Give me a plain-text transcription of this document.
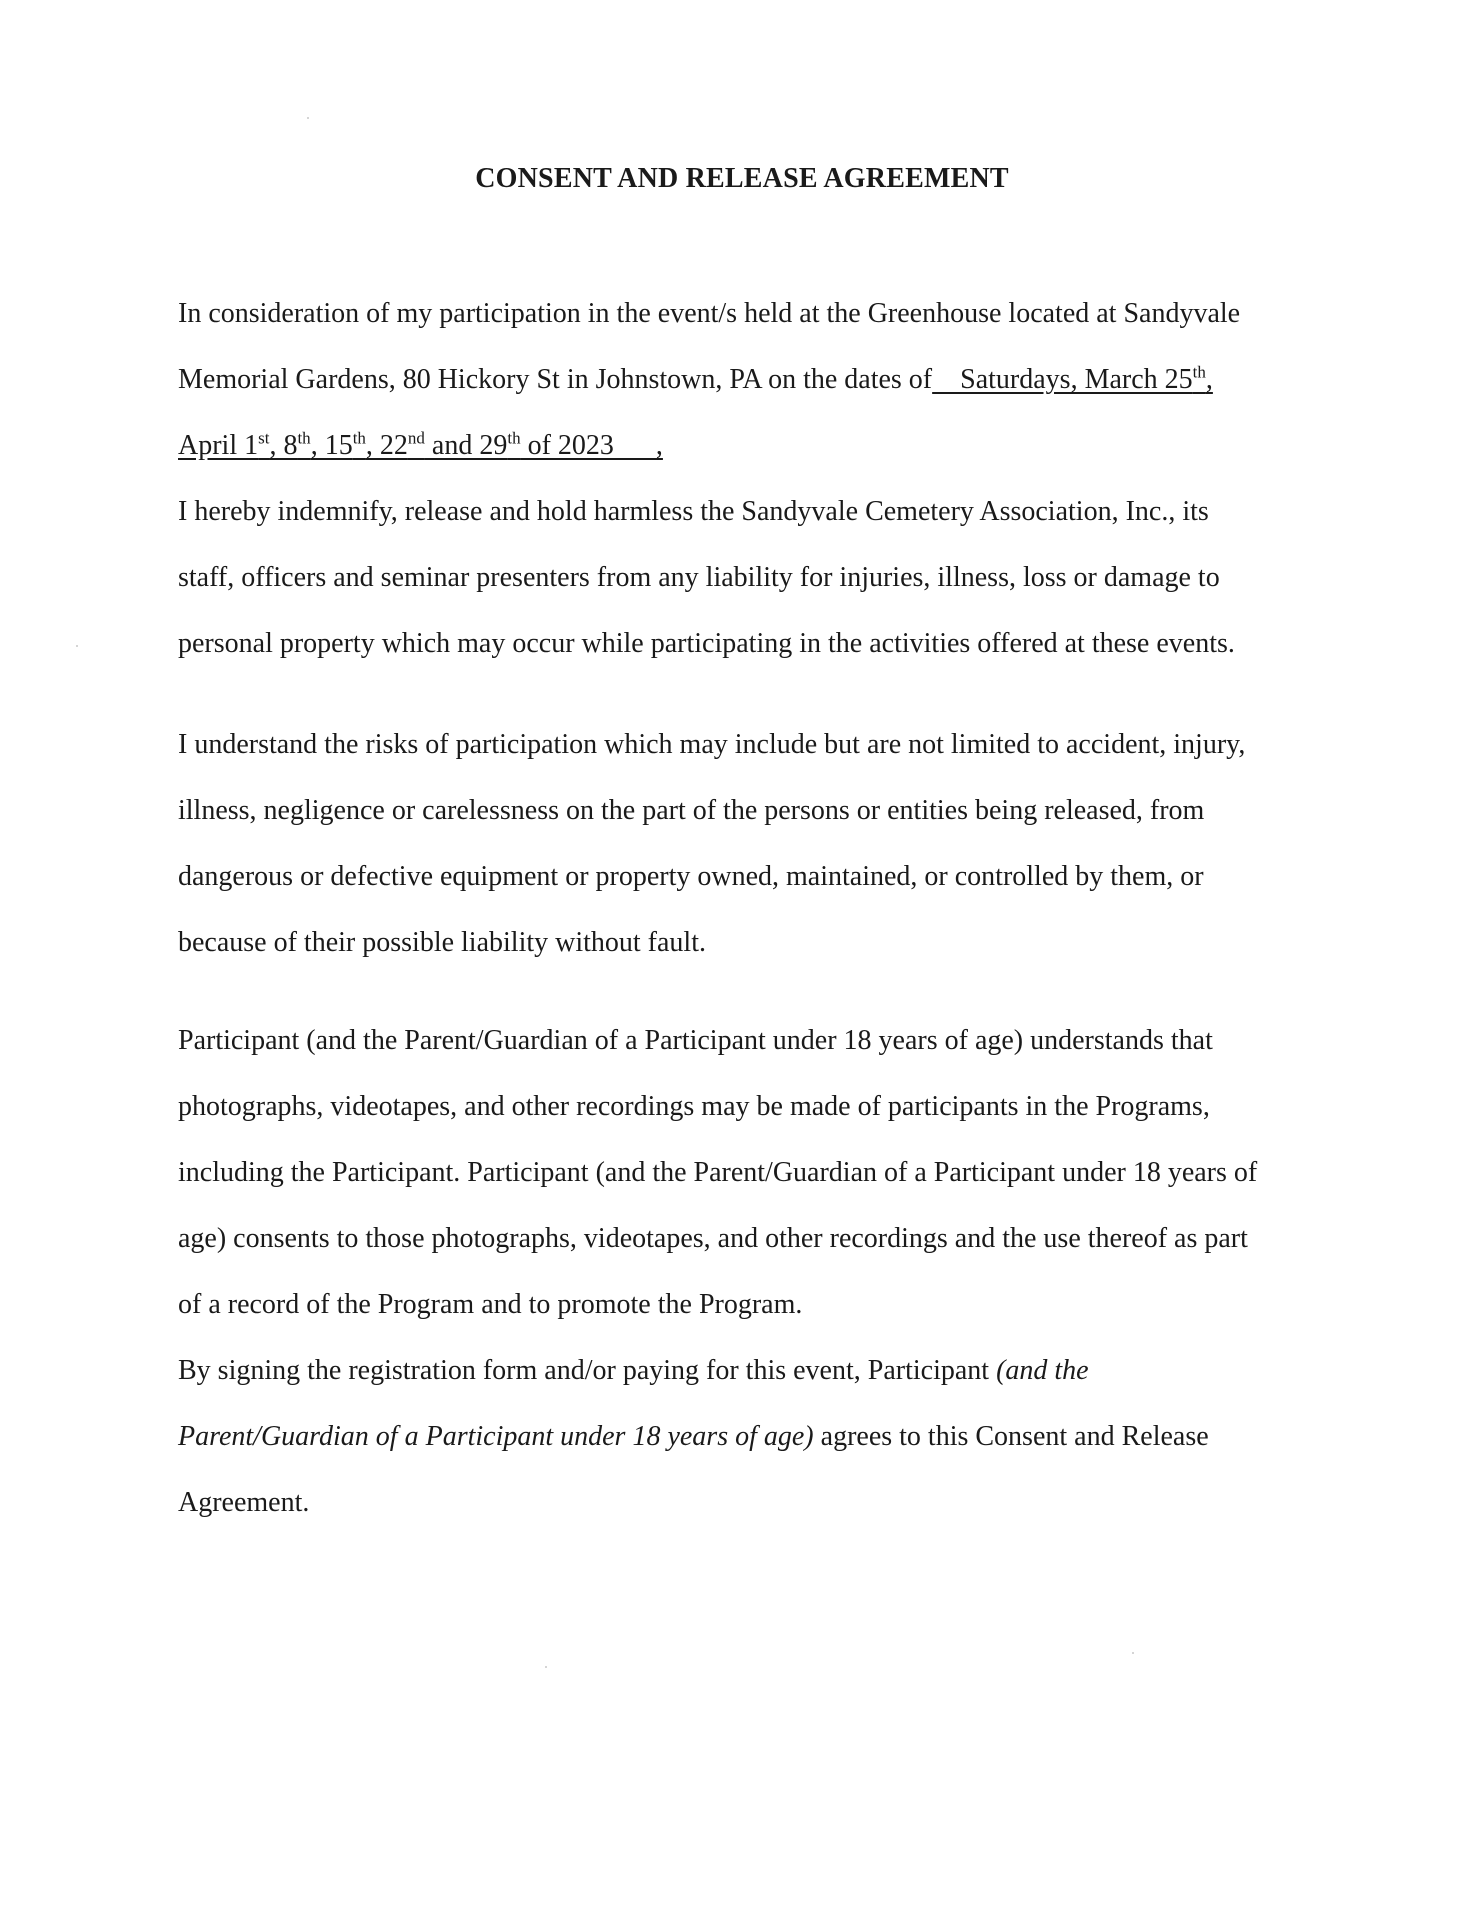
CONSENT AND RELEASE AGREEMENT
In consideration of my participation in the event/s held at the Greenhouse located at Sandyvale
Memorial Gardens, 80 Hickory St in Johnstown, PA on the dates of    Saturdays, March 25th,
April 1st, 8th, 15th, 22nd and 29th of 2023      ,
I hereby indemnify, release and hold harmless the Sandyvale Cemetery Association, Inc., its
staff, officers and seminar presenters from any liability for injuries, illness, loss or damage to
personal property which may occur while participating in the activities offered at these events.
I understand the risks of participation which may include but are not limited to accident, injury,
illness, negligence or carelessness on the part of the persons or entities being released, from
dangerous or defective equipment or property owned, maintained, or controlled by them, or
because of their possible liability without fault.
Participant (and the Parent/Guardian of a Participant under 18 years of age) understands that
photographs, videotapes, and other recordings may be made of participants in the Programs,
including the Participant. Participant (and the Parent/Guardian of a Participant under 18 years of
age) consents to those photographs, videotapes, and other recordings and the use thereof as part
of a record of the Program and to promote the Program.
By signing the registration form and/or paying for this event, Participant (and the
Parent/Guardian of a Participant under 18 years of age) agrees to this Consent and Release
Agreement.
